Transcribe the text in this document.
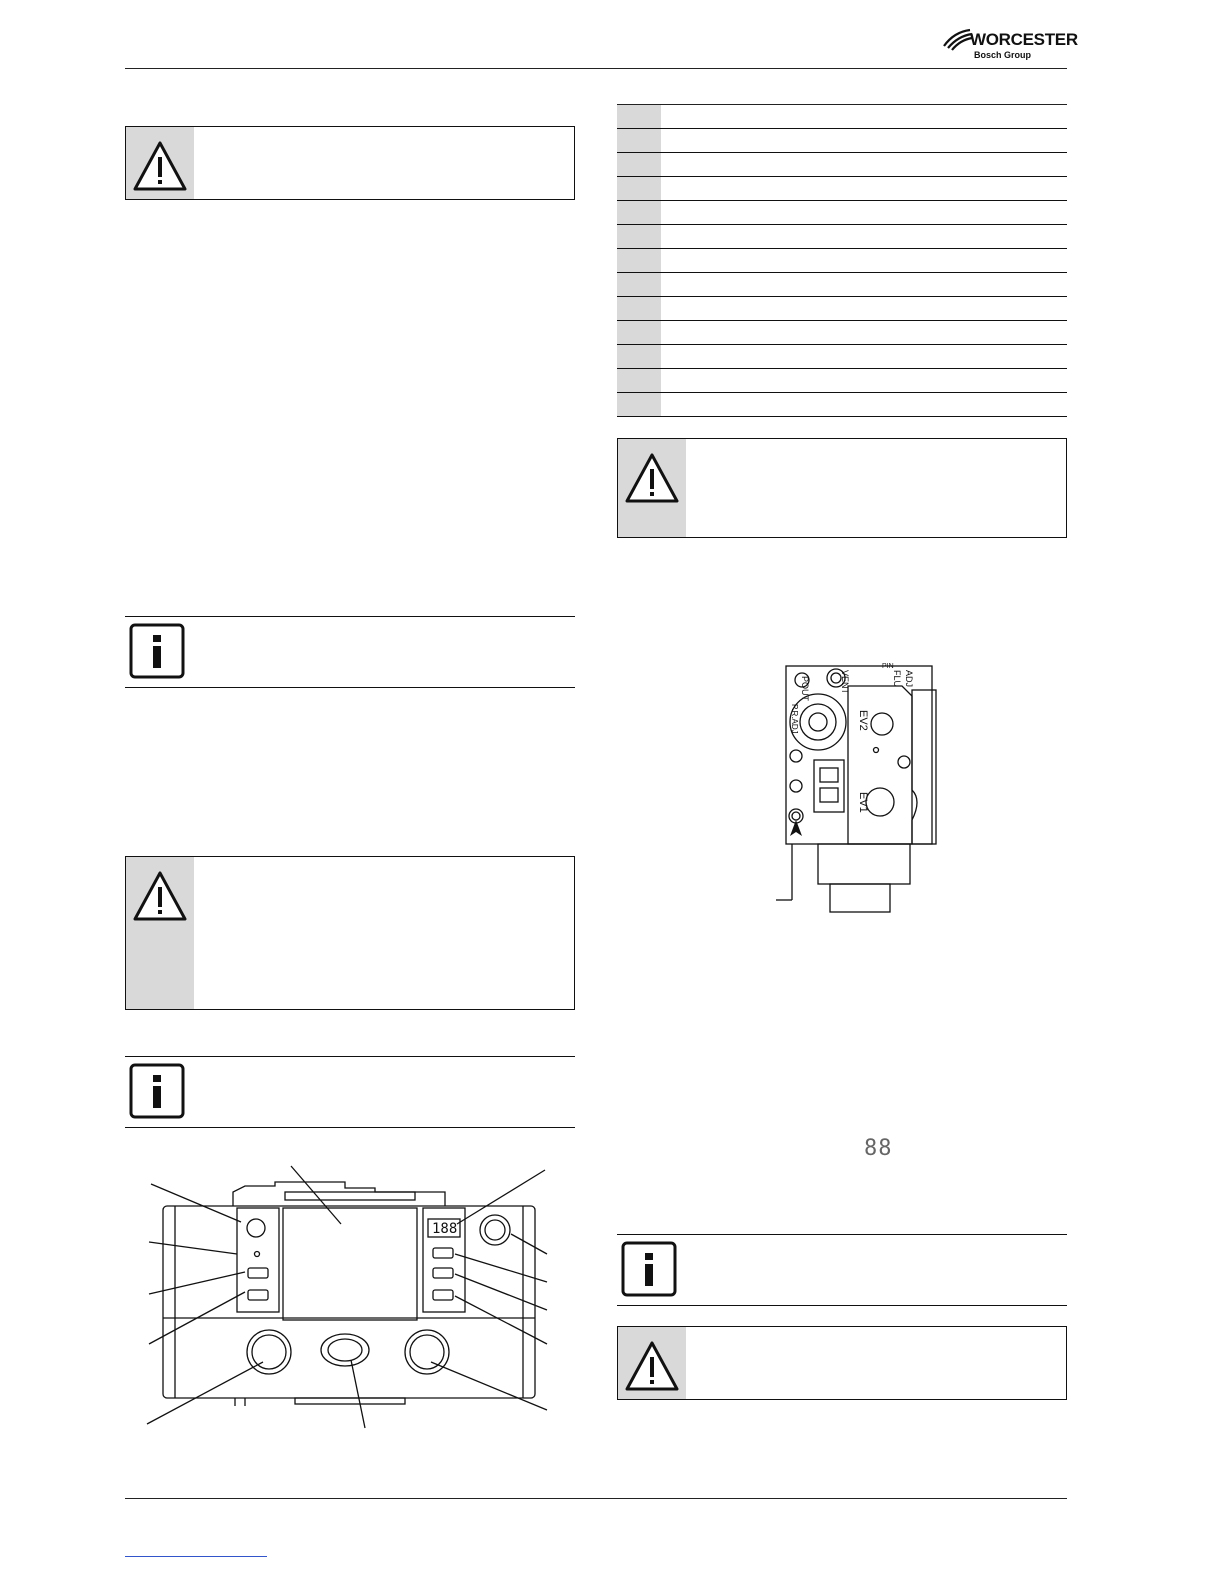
WORCESTER
Bosch Group
188
POUT	VENT	FLU ADJ
P.R.ADJ	EV2
EV1
PIN
88
